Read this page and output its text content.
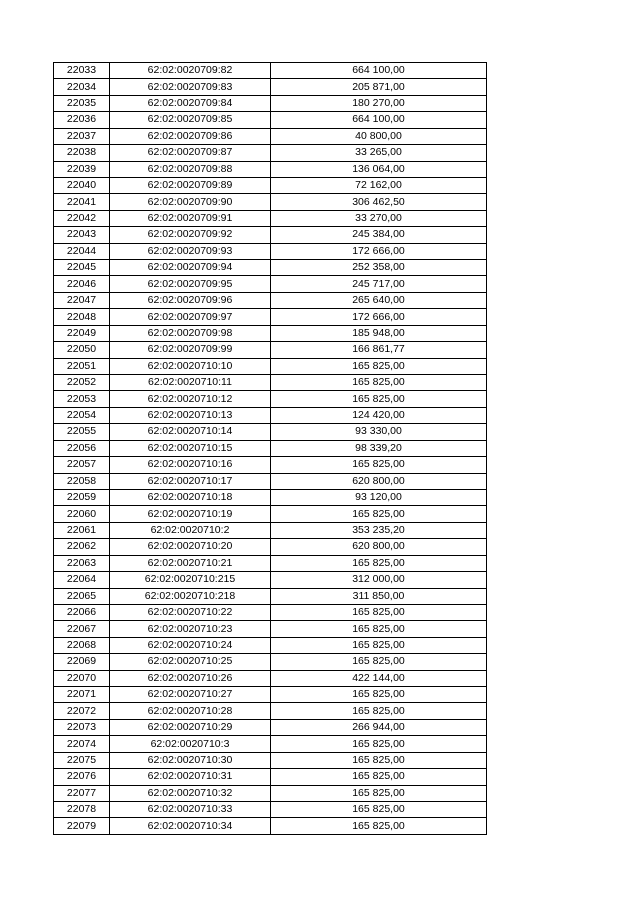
22033	62:02:0020709:82	664 100,00
22034	62:02:0020709:83	205 871,00
22035	62:02:0020709:84	180 270,00
22036	62:02:0020709:85	664 100,00
22037	62:02:0020709:86	40 800,00
22038	62:02:0020709:87	33 265,00
22039	62:02:0020709:88	136 064,00
22040	62:02:0020709:89	72 162,00
22041	62:02:0020709:90	306 462,50
22042	62:02:0020709:91	33 270,00
22043	62:02:0020709:92	245 384,00
22044	62:02:0020709:93	172 666,00
22045	62:02:0020709:94	252 358,00
22046	62:02:0020709:95	245 717,00
22047	62:02:0020709:96	265 640,00
22048	62:02:0020709:97	172 666,00
22049	62:02:0020709:98	185 948,00
22050	62:02:0020709:99	166 861,77
22051	62:02:0020710:10	165 825,00
22052	62:02:0020710:11	165 825,00
22053	62:02:0020710:12	165 825,00
22054	62:02:0020710:13	124 420,00
22055	62:02:0020710:14	93 330,00
22056	62:02:0020710:15	98 339,20
22057	62:02:0020710:16	165 825,00
22058	62:02:0020710:17	620 800,00
22059	62:02:0020710:18	93 120,00
22060	62:02:0020710:19	165 825,00
22061	62:02:0020710:2	353 235,20
22062	62:02:0020710:20	620 800,00
22063	62:02:0020710:21	165 825,00
22064	62:02:0020710:215	312 000,00
22065	62:02:0020710:218	311 850,00
22066	62:02:0020710:22	165 825,00
22067	62:02:0020710:23	165 825,00
22068	62:02:0020710:24	165 825,00
22069	62:02:0020710:25	165 825,00
22070	62:02:0020710:26	422 144,00
22071	62:02:0020710:27	165 825,00
22072	62:02:0020710:28	165 825,00
22073	62:02:0020710:29	266 944,00
22074	62:02:0020710:3	165 825,00
22075	62:02:0020710:30	165 825,00
22076	62:02:0020710:31	165 825,00
22077	62:02:0020710:32	165 825,00
22078	62:02:0020710:33	165 825,00
22079	62:02:0020710:34	165 825,00
